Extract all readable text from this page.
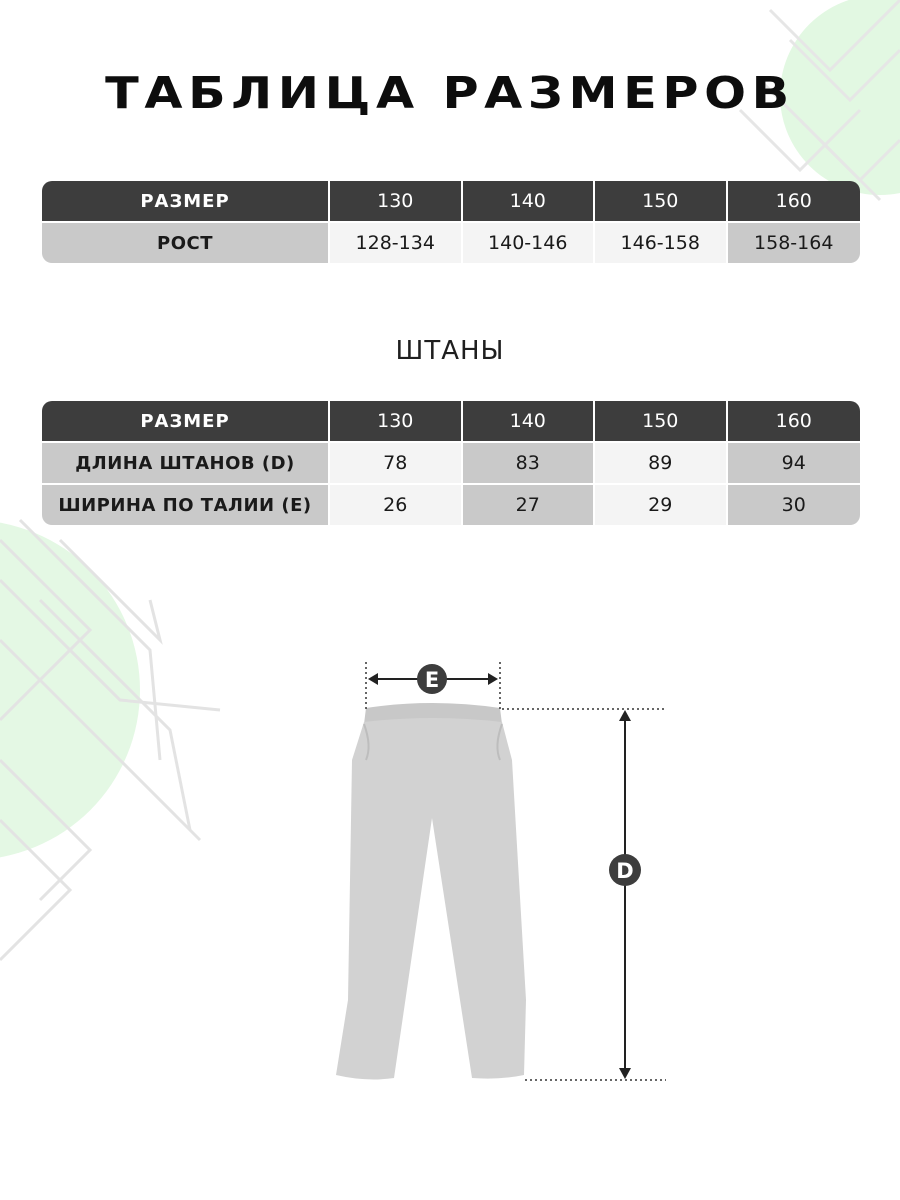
ТАБЛИЦА РАЗМЕРОВ
РАЗМЕР	130	140	150	160
РОСТ	128-134	140-146	146-158	158-164
ШТАНЫ
РАЗМЕР	130	140	150	160
ДЛИНА ШТАНОВ (D)	78	83	89	94
ШИРИНА ПО ТАЛИИ (E)	26	27	29	30
E
D
